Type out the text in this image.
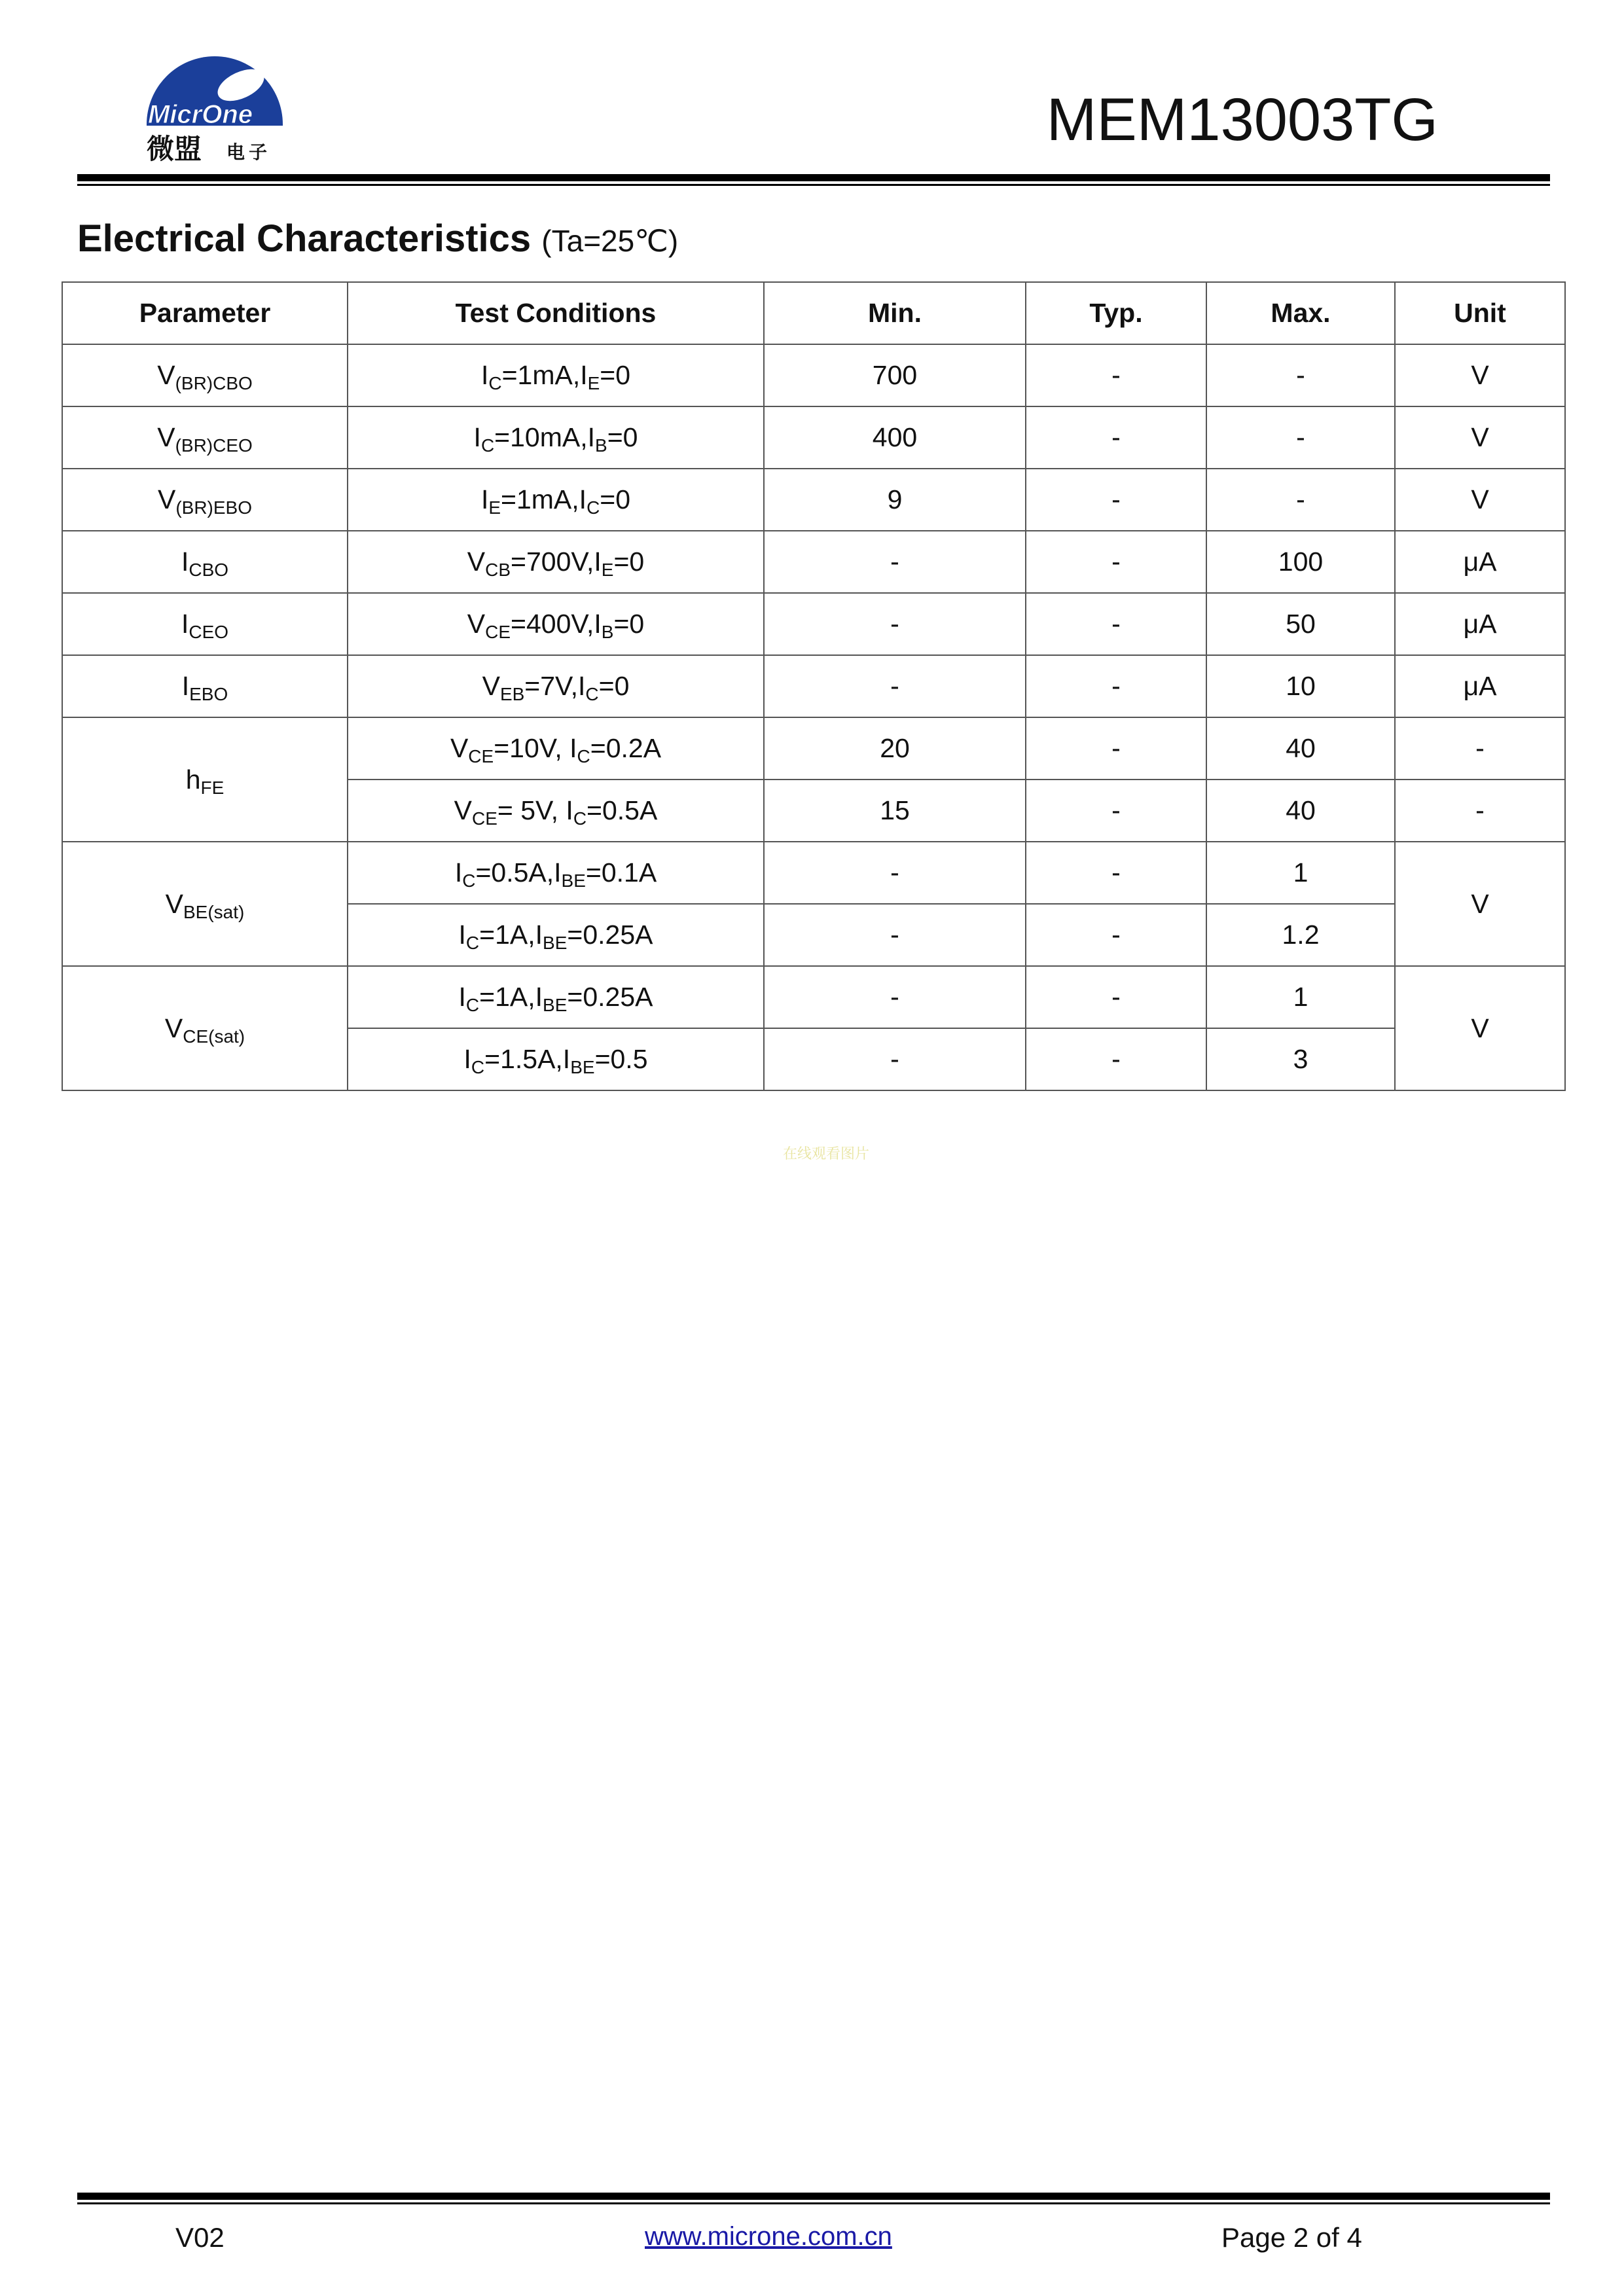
MicrOne
微盟 电子	MEM13003TG
Electrical Characteristics (Ta=25℃)
Parameter	Test Conditions	Min.	Typ.	Max.	Unit
$V_{(BR)CBO}$	$I_C=1mA,I_E=0$	700	-	-	V
$V_{(BR)CEO}$	$I_C=10mA,I_B=0$	400	-	-	V
$V_{(BR)EBO}$	$I_E=1mA,I_C=0$	9	-	-	V
$I_{CBO}$	$V_{CB}=700V,I_E=0$	-	-	100	μA
$I_{CEO}$	$V_{CE}=400V,I_B=0$	-	-	50	μA
$I_{EBO}$	$V_{EB}=7V,I_C=0$	-	-	10	μA
$h_{FE}$	$V_{CE}=10V$, $I_C=0.2A$	20	-	40	-
	$V_{CE}= 5V$, $I_C=0.5A$	15	-	40	-
$V_{BE(sat)}$	$I_C=0.5A,I_{BE}=0.1A$	-	-	1	V
	$I_C=1A,I_{BE}=0.25A$	-	-	1.2	
$V_{CE(sat)}$	$I_C=1A,I_{BE}=0.25A$	-	-	1	V
	$I_C=1.5A,I_{BE}=0.5$	-	-	3	
在线观看图片
V02	www.microne.com.cn	Page 2 of 4
